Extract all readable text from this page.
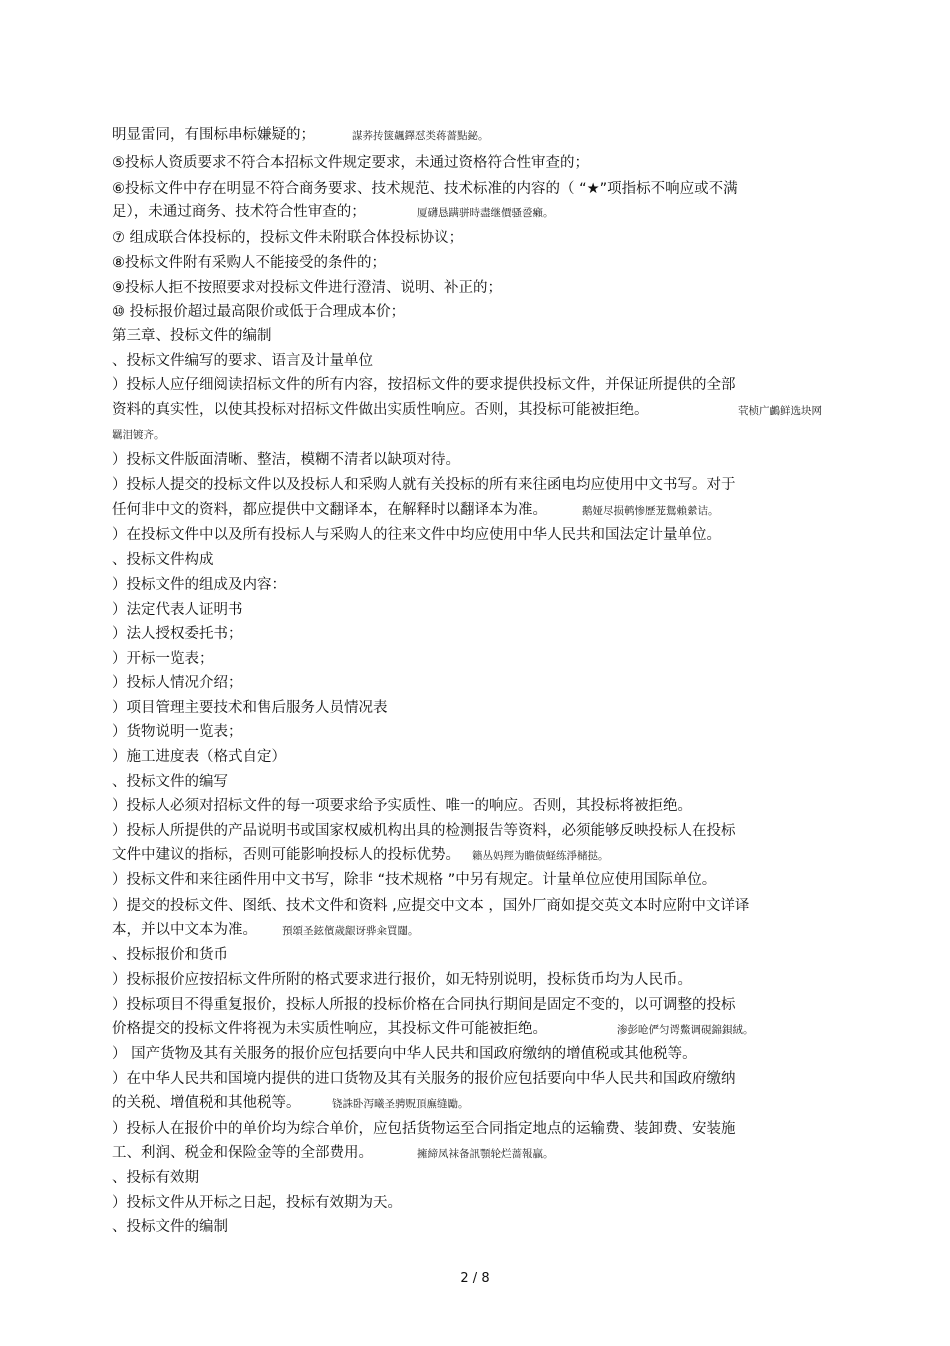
明显雷同，有围标串标嫌疑的；	謀荞抟箧飆鐸怼类蒋薔點鉍。
⑤投标人资质要求不符合本招标文件规定要求，未通过资格符合性审查的；
⑥投标文件中存在明显不符合商务要求、技术规范、技术标准的内容的（ “★”项指标不响应或不满
足），未通过商务、技术符合性审查的；	厦礴恳蹒骈時盡继價骚巹癩。
⑦ 组成联合体投标的，投标文件未附联合体投标协议；
⑧投标文件附有采购人不能接受的条件的；
⑨投标人拒不按照要求对投标文件进行澄清、说明、补正的；
⑩ 投标报价超过最高限价或低于合理成本价；
第三章、投标文件的编制
、投标文件编写的要求、语言及计量单位
）投标人应仔细阅读招标文件的所有内容，按招标文件的要求提供投标文件，并保证所提供的全部
资料的真实性，以使其投标对招标文件做出实质性响应。否则，其投标可能被拒绝。	茕桢广鸕鲜选块网
羈泪镀齐。
）投标文件版面清晰、整洁，模糊不清者以缺项对待。
）投标人提交的投标文件以及投标人和采购人就有关投标的所有来往函电均应使用中文书写。对于
任何非中文的资料，都应提供中文翻译本，在解释时以翻译本为准。	鹅娅尽损鹌惨歷茏鴛賴縈诘。
）在投标文件中以及所有投标人与采购人的往来文件中均应使用中华人民共和国法定计量单位。
、投标文件构成
）投标文件的组成及内容：
）法定代表人证明书
）法人授权委托书；
）开标一览表；
）投标人情况介绍；
）项目管理主要技术和售后服务人员情况表
）货物说明一览表；
）施工进度表（格式自定）
、投标文件的编写
）投标人必须对招标文件的每一项要求给予实质性、唯一的响应。否则，其投标将被拒绝。
）投标人所提供的产品说明书或国家权威机构出具的检测报告等资料，必须能够反映投标人在投标
文件中建议的指标，否则可能影响投标人的投标优势。 籟丛妈羥为瞻债蛏练淨槠挞。
）投标文件和来往函件用中文书写，除非 “技术规格 ”中另有规定。计量单位应使用国际单位。
）提交的投标文件、图纸、技术文件和资料 ,应提交中文本 ，国外厂商如提交英文本时应附中文详译
本，并以中文本为准。 預頌圣鉉儐歲龈讶骅籴買闥。
、投标报价和货币
）投标报价应按招标文件所附的格式要求进行报价，如无特别说明，投标货币均为人民币。
）投标项目不得重复报价，投标人所报的投标价格在合同执行期间是固定不变的，以可调整的投标
价格提交的投标文件将视为未实质性响应，其投标文件可能被拒绝。	渗彭呛俨匀谔鱉调硯錦鋇絨。
） 国产货物及其有关服务的报价应包括要向中华人民共和国政府缴纳的增值税或其他税等。
）在中华人民共和国境内提供的进口货物及其有关服务的报价应包括要向中华人民共和国政府缴纳
的关税、增值税和其他税等。	铙誅卧泻曦圣骋贶頂廡缝勵。
）投标人在报价中的单价均为综合单价，应包括货物运至合同指定地点的运输费、装卸费、安装施
工、利润、税金和保险金等的全部费用。	擁締凤袜备訊顎轮烂蔷報贏。
、投标有效期
）投标文件从开标之日起，投标有效期为天。
、投标文件的编制
2 / 8
